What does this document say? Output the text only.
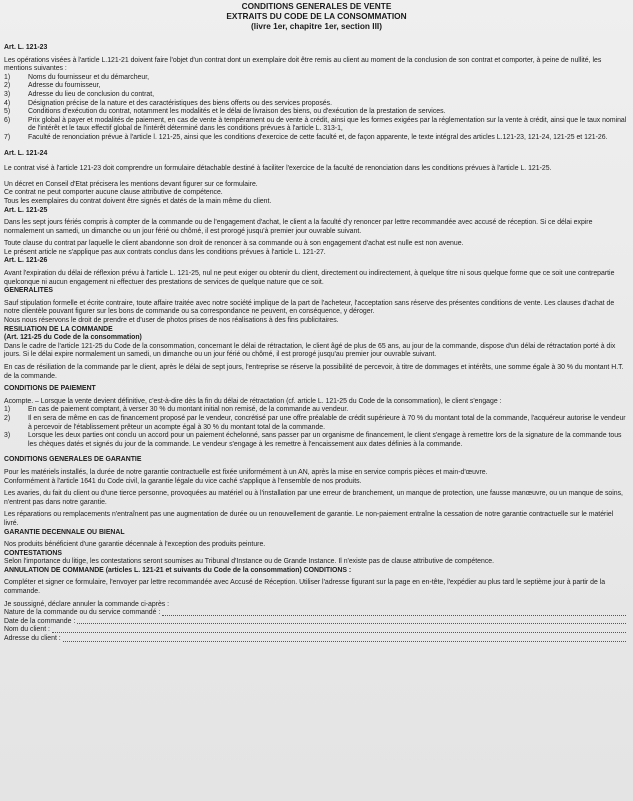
CONDITIONS GENERALES DE VENTE
EXTRAITS DU CODE DE LA CONSOMMATION
(livre 1er, chapitre 1er, section III)

Art. L. 121-23

Les opérations visées à l'article L.121-21 doivent faire l'objet d'un contrat dont un exemplaire doit être remis au client au moment de la conclusion de son contrat et comporter, à peine de nullité, les mentions suivantes :

1)	Noms du fournisseur et du démarcheur,
2)	Adresse du fournisseur,
3)	Adresse du lieu de conclusion du contrat,
4)	Désignation précise de la nature et des caractéristiques des biens offerts ou des services proposés.
5)	Conditions d'exécution du contrat, notamment les modalités et le délai de livraison des biens, ou d'exécution de la prestation de services.
6)	Prix global à payer et modalités de paiement, en cas de vente à tempérament ou de vente à crédit, ainsi que les formes exigées par la réglementation sur la vente à crédit, ainsi que le taux nominal de l'intérêt et le taux effectif global de l'intérêt déterminé dans les conditions prévues à l'article L. 313-1,
7)	Faculté de renonciation prévue à l'article l. 121-25, ainsi que les conditions d'exercice de cette faculté et, de façon apparente, le texte intégral des articles L.121-23, 121-24, 121-25 et 121-26.

Art. L. 121-24

Le contrat visé à l'article 121-23 doit comprendre un formulaire détachable destiné à faciliter l'exercice de la faculté de renonciation dans les conditions prévues à l'article L. 121-25.

Un décret en Conseil d'Etat précisera les mentions devant figurer sur ce formulaire.

Ce contrat ne peut comporter aucune clause attributive de compétence.

Tous les exemplaires du contrat doivent être signés et datés de la main même du client.

Art. L. 121-25

Dans les sept jours fériés compris à compter de la commande ou de l'engagement d'achat, le client a la faculté d'y renoncer par lettre recommandée avec accusé de réception. Si ce délai expire normalement un samedi, un dimanche ou un jour férié ou chômé, il est prorogé jusqu'à premier jour ouvrable suivant.

Toute clause du contrat par laquelle le client abandonne son droit de renoncer à sa commande ou à son engagement d'achat est nulle est non avenue.

Le présent article ne s'applique pas aux contrats conclus dans les conditions prévues à l'article L. 121-27.

Art. L. 121-26

Avant l'expiration du délai de réflexion prévu à l'article L. 121-25, nul ne peut exiger ou obtenir du client, directement ou indirectement, à quelque titre ni sous quelque forme que ce soit une contrepartie quelconque ni aucun engagement ni effectuer des prestations de services de quelque nature que ce soit.

GENERALITES

Sauf stipulation formelle et écrite contraire, toute affaire traitée avec notre société implique de la part de l'acheteur, l'acceptation sans réserve des présentes conditions de vente. Les clauses d'achat de notre clientèle pouvant figurer sur les bons de commande ou sa correspondance ne peuvent, en conséquence, y déroger.

Nous nous réservons le droit de prendre et d'user de photos prises de nos réalisations à des fins publicitaires.

RESILIATION DE LA COMMANDE

(Art. 121-25 du Code de la consommation)

Dans le cadre de l'article 121-25 du Code de la consommation, concernant le délai de rétractation, le client âgé de plus de 65 ans, au jour de la commande, dispose d'un délai de rétractation porté à dix jours. Si le délai expire normalement un samedi, un dimanche ou un jour férié ou chômé, il est prorogé jusqu'au premier jour ouvrable suivant.

En cas de résiliation de la commande par le client, après le délai de sept jours, l'entreprise se réserve la possibilité de percevoir, à titre de dommages et intérêts, une somme égale à 30 % du montant H.T. de la commande.

CONDITIONS DE PAIEMENT

Acompte. – Lorsque la vente devient définitive, c'est-à-dire dès la fin du délai de rétractation (cf. article L. 121-25 du Code de la consommation), le client s'engage :

1)	En cas de paiement comptant, à verser 30 % du montant initial non remisé, de la commande au vendeur.
2)	Il en sera de même en cas de financement proposé par le vendeur, concrétisé par une offre préalable de crédit supérieure à 70 % du montant total de la commande, l'acquéreur autorise le vendeur à percevoir de l'établissement prêteur un acompte égal à 30 % du montant total de la commande.
3)	Lorsque les deux parties ont conclu un accord pour un paiement échelonné, sans passer par un organisme de financement, le client s'engage à remettre lors de la signature de la commande tous les chèques datés et signés du jour de la commande. Le vendeur s'engage à les remettre à l'encaissement aux dates définies à la commande.

CONDITIONS GENERALES DE GARANTIE

Pour les matériels installés, la durée de notre garantie contractuelle est fixée uniformément à un AN, après la mise en service compris pièces et main-d'œuvre.

Conformément à l'article 1641 du Code civil, la garantie légale du vice caché s'applique à l'ensemble de nos produits.

Les avaries, du fait du client ou d'une tierce personne, provoquées au matériel ou à l'installation par une erreur de branchement, un manque de protection, une fausse manœuvre, ou un manque de soins, n'entrent pas dans notre garantie.

Les réparations ou remplacements n'entraînent pas une augmentation de durée ou un renouvellement de garantie. Le non-paiement entraîne la cessation de notre garantie contractuelle sur le matériel livré.

GARANTIE DECENNALE OU BIENAL

Nos produits bénéficient d'une garantie décennale à l'exception des produits peinture.

CONTESTATIONS

Selon l'importance du litige, les contestations seront soumises au Tribunal d'Instance ou de Grande Instance. Il n'existe pas de clause attributive de compétence.

ANNULATION DE COMMANDE (articles L. 121-21 et suivants du Code de la consommation) CONDITIONS :

Compléter et signer ce formulaire, l'envoyer par lettre recommandée avec Accusé de Réception. Utiliser l'adresse figurant sur la page en en-tête, l'expédier au plus tard le septième jour à partir de la commande.

Je soussigné, déclare annuler la commande ci-après :

Nature de la commande ou du service commandé :
Date de la commande :
Nom du client :
Adresse du client :
